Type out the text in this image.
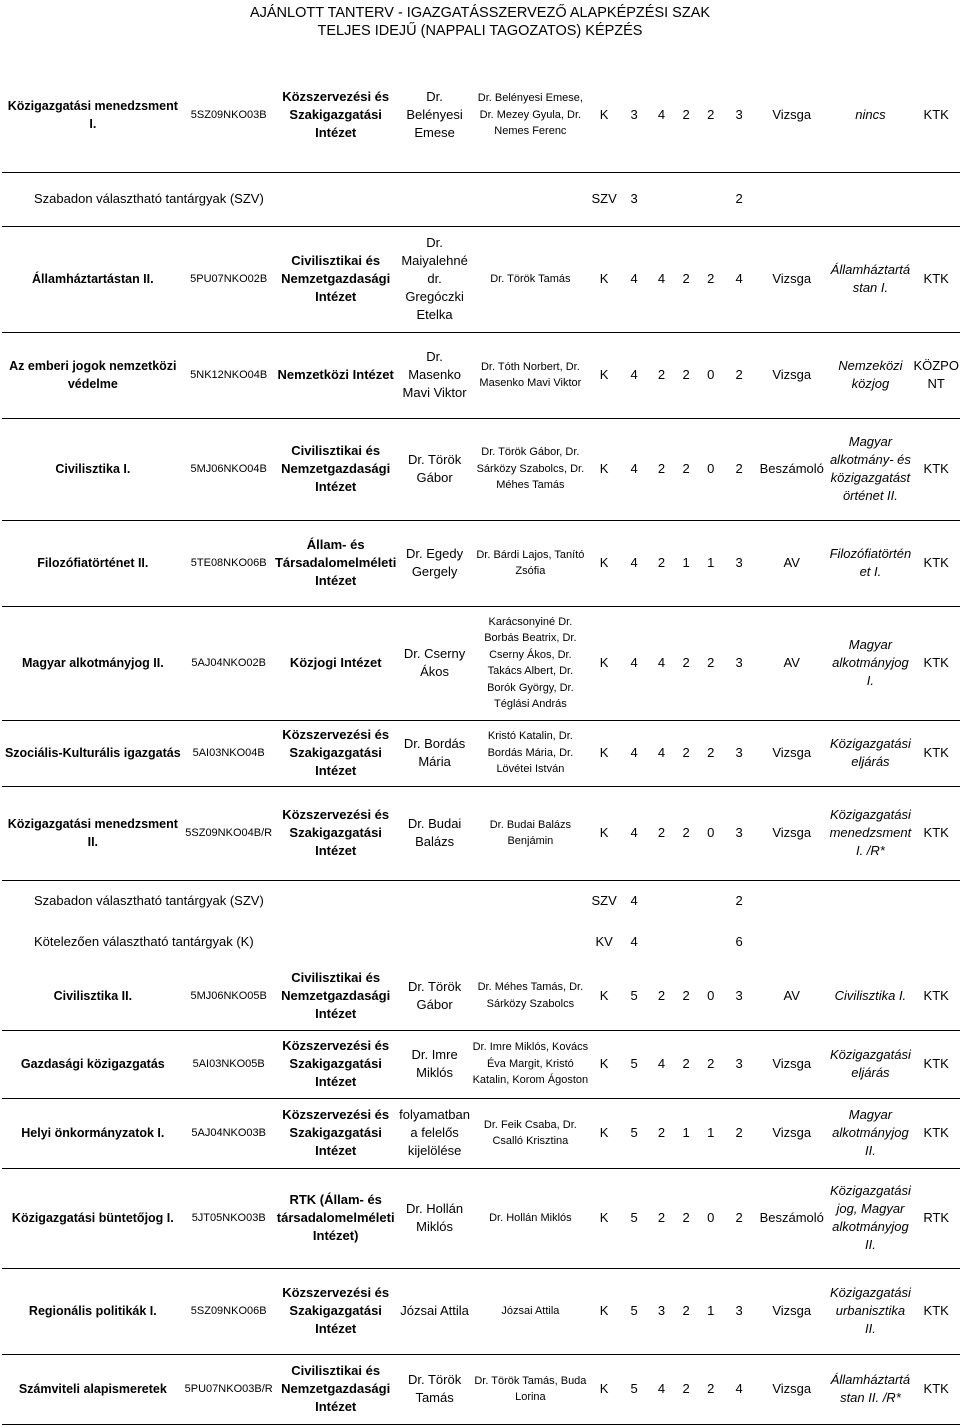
AJÁNLOTT TANTERV - IGAZGATÁSSZERVEZŐ ALAPKÉPZÉSI SZAK
TELJES IDEJŰ (NAPPALI TAGOZATOS) KÉPZÉS
Közigazgatási menedzsment I.	5SZ09NKO03B	Közszervezési és Szakigazgatási Intézet	Dr. Belényesi Emese	Dr. Belényesi Emese, Dr. Mezey Gyula, Dr. Nemes Ferenc	K	3	4	2	2	3	Vizsga	nincs	KTK
Szabadon választható tantárgyak (SZV)					SZV	3				2			
Államháztartástan II.	5PU07NKO02B	Civilisztikai és Nemzetgazdasági Intézet	Dr. Maiyalehné dr. Gregóczki Etelka	Dr. Török Tamás	K	4	4	2	2	4	Vizsga	Államháztartá stan I.	KTK
Az emberi jogok nemzetközi védelme	5NK12NKO04B	Nemzetközi Intézet	Dr. Masenko Mavi Viktor	Dr. Tóth Norbert, Dr. Masenko Mavi Viktor	K	4	2	2	0	2	Vizsga	Nemzeközi közjog	KÖZPO NT
Civilisztika I.	5MJ06NKO04B	Civilisztikai és Nemzetgazdasági Intézet	Dr. Török Gábor	Dr. Török Gábor, Dr. Sárközy Szabolcs, Dr. Méhes Tamás	K	4	2	2	0	2	Beszámoló	Magyar alkotmány- és közigazgatást örténet II.	KTK
Filozófiatörténet II.	5TE08NKO06B	Állam- és Társadalomelméleti Intézet	Dr. Egedy Gergely	Dr. Bárdi Lajos, Tanító Zsófia	K	4	2	1	1	3	AV	Filozófiatörtén et I.	KTK
Magyar alkotmányjog II.	5AJ04NKO02B	Közjogi Intézet	Dr. Cserny Ákos	Karácsonyiné Dr. Borbás Beatrix, Dr. Cserny Ákos, Dr. Takács Albert, Dr. Borók György, Dr. Téglási András	K	4	4	2	2	3	AV	Magyar alkotmányjog I.	KTK
Szociális-Kulturális igazgatás	5AI03NKO04B	Közszervezési és Szakigazgatási Intézet	Dr. Bordás Mária	Kristó Katalin, Dr. Bordás Mária, Dr. Lövétei István	K	4	4	2	2	3	Vizsga	Közigazgatási eljárás	KTK
Közigazgatási menedzsment II.	5SZ09NKO04B/R	Közszervezési és Szakigazgatási Intézet	Dr. Budai Balázs	Dr. Budai Balázs Benjámin	K	4	2	2	0	3	Vizsga	Közigazgatási menedzsment I. /R*	KTK
Szabadon választható tantárgyak (SZV)					SZV	4				2			
Kötelezően választható tantárgyak (K)					KV	4				6			
Civilisztika II.	5MJ06NKO05B	Civilisztikai és Nemzetgazdasági Intézet	Dr. Török Gábor	Dr. Méhes Tamás, Dr. Sárközy Szabolcs	K	5	2	2	0	3	AV	Civilisztika I.	KTK
Gazdasági közigazgatás	5AI03NKO05B	Közszervezési és Szakigazgatási Intézet	Dr. Imre Miklós	Dr. Imre Miklós, Kovács Éva Margit, Kristó Katalin, Korom Ágoston	K	5	4	2	2	3	Vizsga	Közigazgatási eljárás	KTK
Helyi önkormányzatok I.	5AJ04NKO03B	Közszervezési és Szakigazgatási Intézet	folyamatban a felelős kijelölése	Dr. Feik Csaba, Dr. Csalló Krisztina	K	5	2	1	1	2	Vizsga	Magyar alkotmányjog II.	KTK
Közigazgatási büntetőjog I.	5JT05NKO03B	RTK (Állam- és társadalomelméleti Intézet)	Dr. Hollán Miklós	Dr. Hollán Miklós	K	5	2	2	0	2	Beszámoló	Közigazgatási jog, Magyar alkotmányjog II.	RTK
Regionális politikák I.	5SZ09NKO06B	Közszervezési és Szakigazgatási Intézet	Józsai Attila	Józsai Attila	K	5	3	2	1	3	Vizsga	Közigazgatási urbanisztika II.	KTK
Számviteli alapismeretek	5PU07NKO03B/R	Civilisztikai és Nemzetgazdasági Intézet	Dr. Török Tamás	Dr. Török Tamás, Buda Lorina	K	5	4	2	2	4	Vizsga	Államháztartá stan II. /R*	KTK
